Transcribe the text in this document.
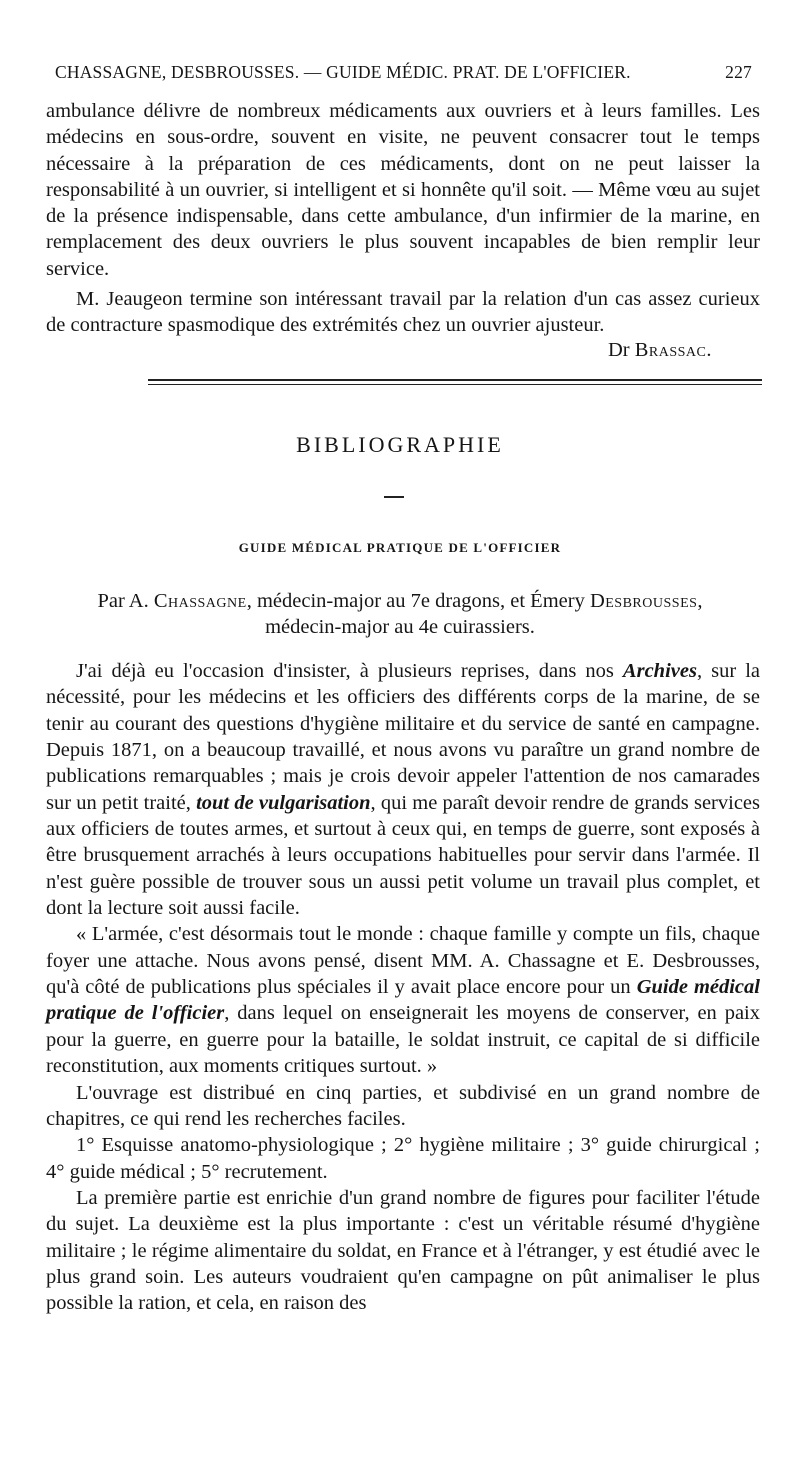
CHASSAGNE, DESBROUSSES. — GUIDE MÉDIC. PRAT. DE L'OFFICIER.	227

ambulance délivre de nombreux médicaments aux ouvriers et à leurs familles. Les médecins en sous-ordre, souvent en visite, ne peuvent consacrer tout le temps nécessaire à la préparation de ces médicaments, dont on ne peut laisser la responsabilité à un ouvrier, si intelligent et si honnête qu'il soit. — Même vœu au sujet de la présence indispensable, dans cette ambulance, d'un infirmier de la marine, en remplacement des deux ouvriers le plus souvent incapables de bien remplir leur service.

M. Jeaugeon termine son intéressant travail par la relation d'un cas assez curieux de contracture spasmodique des extrémités chez un ouvrier ajusteur.

Dr Brassac.
BIBLIOGRAPHIE
GUIDE MÉDICAL PRATIQUE DE L'OFFICIER
Par A. Chassagne, médecin-major au 7e dragons, et Émery Desbrousses,
médecin-major au 4e cuirassiers.

J'ai déjà eu l'occasion d'insister, à plusieurs reprises, dans nos Archives, sur la nécessité, pour les médecins et les officiers des différents corps de la marine, de se tenir au courant des questions d'hygiène militaire et du service de santé en campagne. Depuis 1871, on a beaucoup travaillé, et nous avons vu paraître un grand nombre de publications remarquables ; mais je crois devoir appeler l'attention de nos camarades sur un petit traité, tout de vulgarisation, qui me paraît devoir rendre de grands services aux officiers de toutes armes, et surtout à ceux qui, en temps de guerre, sont exposés à être brusquement arrachés à leurs occupations habituelles pour servir dans l'armée. Il n'est guère possible de trouver sous un aussi petit volume un travail plus complet, et dont la lecture soit aussi facile.

« L'armée, c'est désormais tout le monde : chaque famille y compte un fils, chaque foyer une attache. Nous avons pensé, disent MM. A. Chassagne et E. Desbrousses, qu'à côté de publications plus spéciales il y avait place encore pour un Guide médical pratique de l'officier, dans lequel on enseignerait les moyens de conserver, en paix pour la guerre, en guerre pour la bataille, le soldat instruit, ce capital de si difficile reconstitution, aux moments critiques surtout. »

L'ouvrage est distribué en cinq parties, et subdivisé en un grand nombre de chapitres, ce qui rend les recherches faciles.

1° Esquisse anatomo-physiologique ; 2° hygiène militaire ; 3° guide chirurgical ; 4° guide médical ; 5° recrutement.

La première partie est enrichie d'un grand nombre de figures pour faciliter l'étude du sujet. La deuxième est la plus importante : c'est un véritable résumé d'hygiène militaire ; le régime alimentaire du soldat, en France et à l'étranger, y est étudié avec le plus grand soin. Les auteurs voudraient qu'en campagne on pût animaliser le plus possible la ration, et cela, en raison des
